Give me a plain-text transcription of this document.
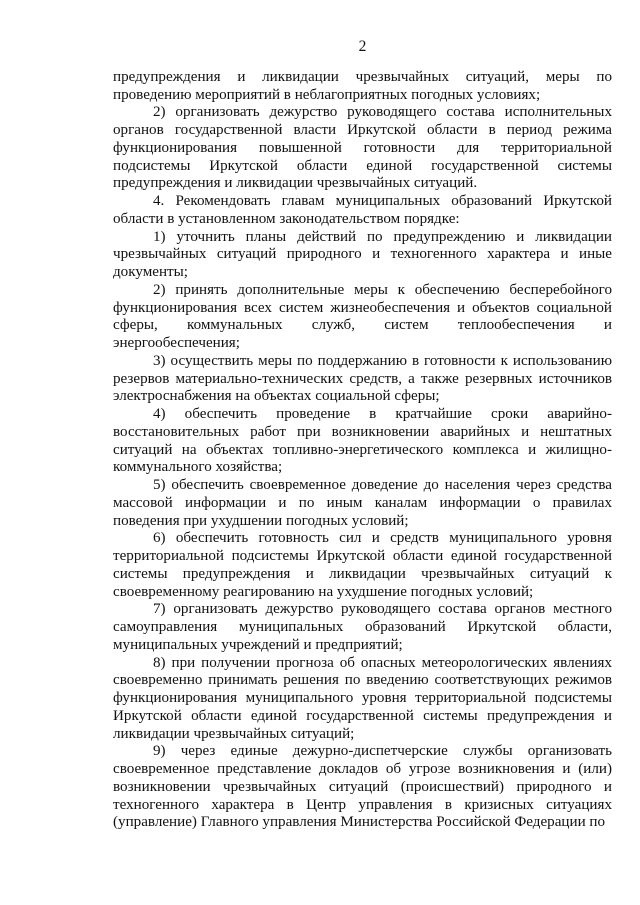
2

предупреждения и ликвидации чрезвычайных ситуаций, меры по проведению мероприятий в неблагоприятных погодных условиях;

2) организовать дежурство руководящего состава исполнительных органов государственной власти Иркутской области в период режима функционирования повышенной готовности для территориальной подсистемы Иркутской области единой государственной системы предупреждения и ликвидации чрезвычайных ситуаций.

4. Рекомендовать главам муниципальных образований Иркутской области в установленном законодательством порядке:

1) уточнить планы действий по предупреждению и ликвидации чрезвычайных ситуаций природного и техногенного характера и иные документы;

2) принять дополнительные меры к обеспечению бесперебойного функционирования всех систем жизнеобеспечения и объектов социальной сферы, коммунальных служб, систем теплообеспечения и энергообеспечения;

3) осуществить меры по поддержанию в готовности к использованию резервов материально-технических средств, а также резервных источников электроснабжения на объектах социальной сферы;

4) обеспечить проведение в кратчайшие сроки аварийно-восстановительных работ при возникновении аварийных и нештатных ситуаций на объектах топливно-энергетического комплекса и жилищно-коммунального хозяйства;

5) обеспечить своевременное доведение до населения через средства массовой информации и по иным каналам информации о правилах поведения при ухудшении погодных условий;

6) обеспечить готовность сил и средств муниципального уровня территориальной подсистемы Иркутской области единой государственной системы предупреждения и ликвидации чрезвычайных ситуаций к своевременному реагированию на ухудшение погодных условий;

7) организовать дежурство руководящего состава органов местного самоуправления муниципальных образований Иркутской области, муниципальных учреждений и предприятий;

8) при получении прогноза об опасных метеорологических явлениях своевременно принимать решения по введению соответствующих режимов функционирования муниципального уровня территориальной подсистемы Иркутской области единой государственной системы предупреждения и ликвидации чрезвычайных ситуаций;

9) через единые дежурно-диспетчерские службы организовать своевременное представление докладов об угрозе возникновения и (или) возникновении чрезвычайных ситуаций (происшествий) природного и техногенного характера в Центр управления в кризисных ситуациях (управление) Главного управления Министерства Российской Федерации по
